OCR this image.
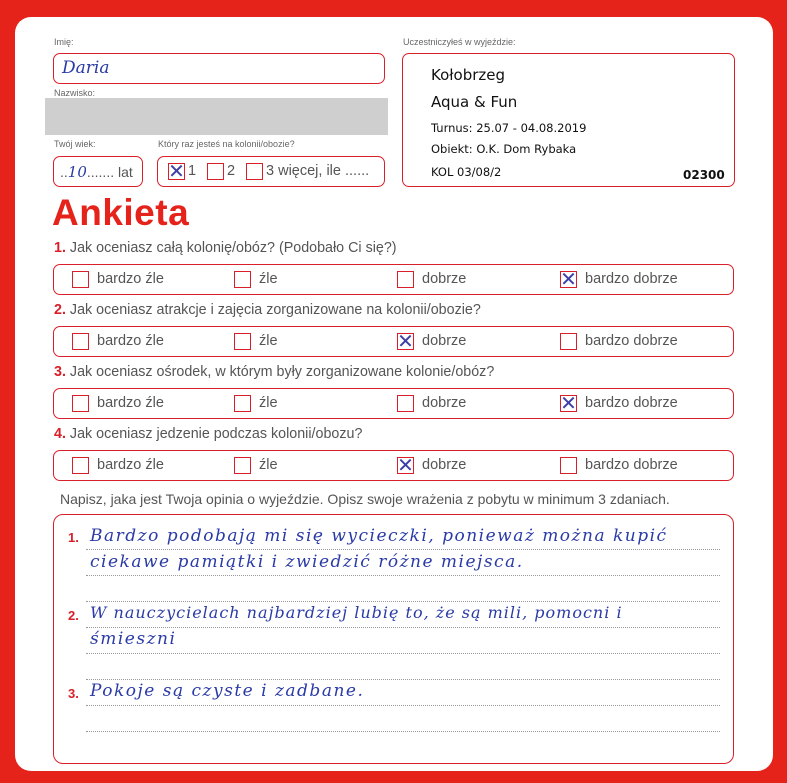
Imię:
Daria
Nazwisko:
Twój wiek:
..10....... lat
Który raz jesteś na kolonii/obozie?
✕ 1 2 3 więcej, ile ......
Uczestniczyłeś w wyjeździe:
Kołobrzeg
Aqua & Fun
Turnus: 25.07 - 04.08.2019
Obiekt: O.K. Dom Rybaka
KOL 03/08/2	02300
Ankieta
1. Jak oceniasz całą kolonię/obóz? (Podobało Ci się?)
bardzo źle	źle	dobrze	✕ bardzo dobrze
2. Jak oceniasz atrakcje i zajęcia zorganizowane na kolonii/obozie?
bardzo źle	źle	✕ dobrze	bardzo dobrze
3. Jak oceniasz ośrodek, w którym były zorganizowane kolonie/obóz?
bardzo źle	źle	dobrze	✕ bardzo dobrze
4. Jak oceniasz jedzenie podczas kolonii/obozu?
bardzo źle	źle	✕ dobrze	bardzo dobrze
Napisz, jaka jest Twoja opinia o wyjeździe. Opisz swoje wrażenia z pobytu w minimum 3 zdaniach.
1. Bardzo podobają mi się wycieczki, ponieważ można kupić
ciekawe pamiątki i zwiedzić różne miejsca.
2. W nauczycielach najbardziej lubię to, że są mili, pomocni i
śmieszni
3. Pokoje są czyste i zadbane.
